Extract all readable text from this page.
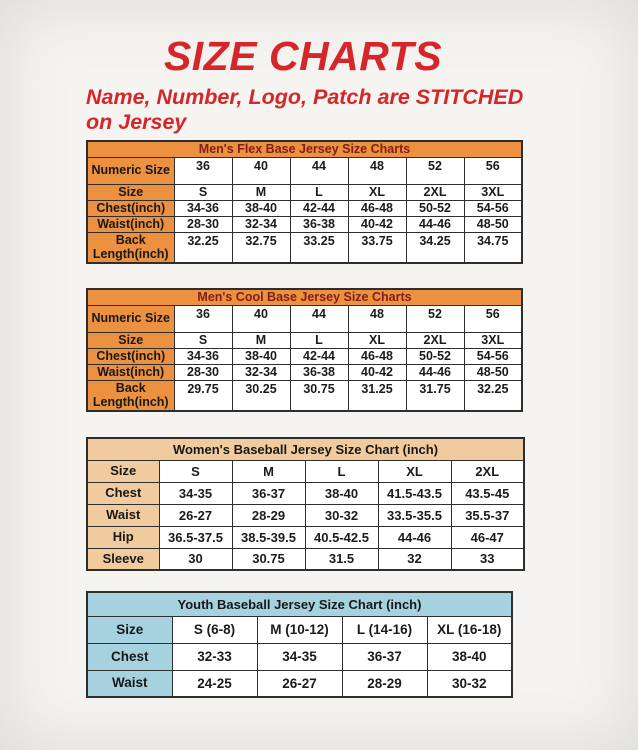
SIZE CHARTS
Name, Number, Logo, Patch are STITCHED
on Jersey
Men's Flex Base Jersey Size Charts						
Numeric Size	36	40	44	48	52	56
Size	S	M	L	XL	2XL	3XL
Chest(inch)	34-36	38-40	42-44	46-48	50-52	54-56
Waist(inch)	28-30	32-34	36-38	40-42	44-46	48-50
Back Length(inch)	32.25	32.75	33.25	33.75	34.25	34.75
Men's Cool Base Jersey Size Charts						
Numeric Size	36	40	44	48	52	56
Size	S	M	L	XL	2XL	3XL
Chest(inch)	34-36	38-40	42-44	46-48	50-52	54-56
Waist(inch)	28-30	32-34	36-38	40-42	44-46	48-50
Back Length(inch)	29.75	30.25	30.75	31.25	31.75	32.25
Women's Baseball Jersey Size Chart (inch)					
Size	S	M	L	XL	2XL
Chest	34-35	36-37	38-40	41.5-43.5	43.5-45
Waist	26-27	28-29	30-32	33.5-35.5	35.5-37
Hip	36.5-37.5	38.5-39.5	40.5-42.5	44-46	46-47
Sleeve	30	30.75	31.5	32	33
Youth Baseball Jersey Size Chart (inch)				
Size	S (6-8)	M (10-12)	L (14-16)	XL (16-18)
Chest	32-33	34-35	36-37	38-40
Waist	24-25	26-27	28-29	30-32
